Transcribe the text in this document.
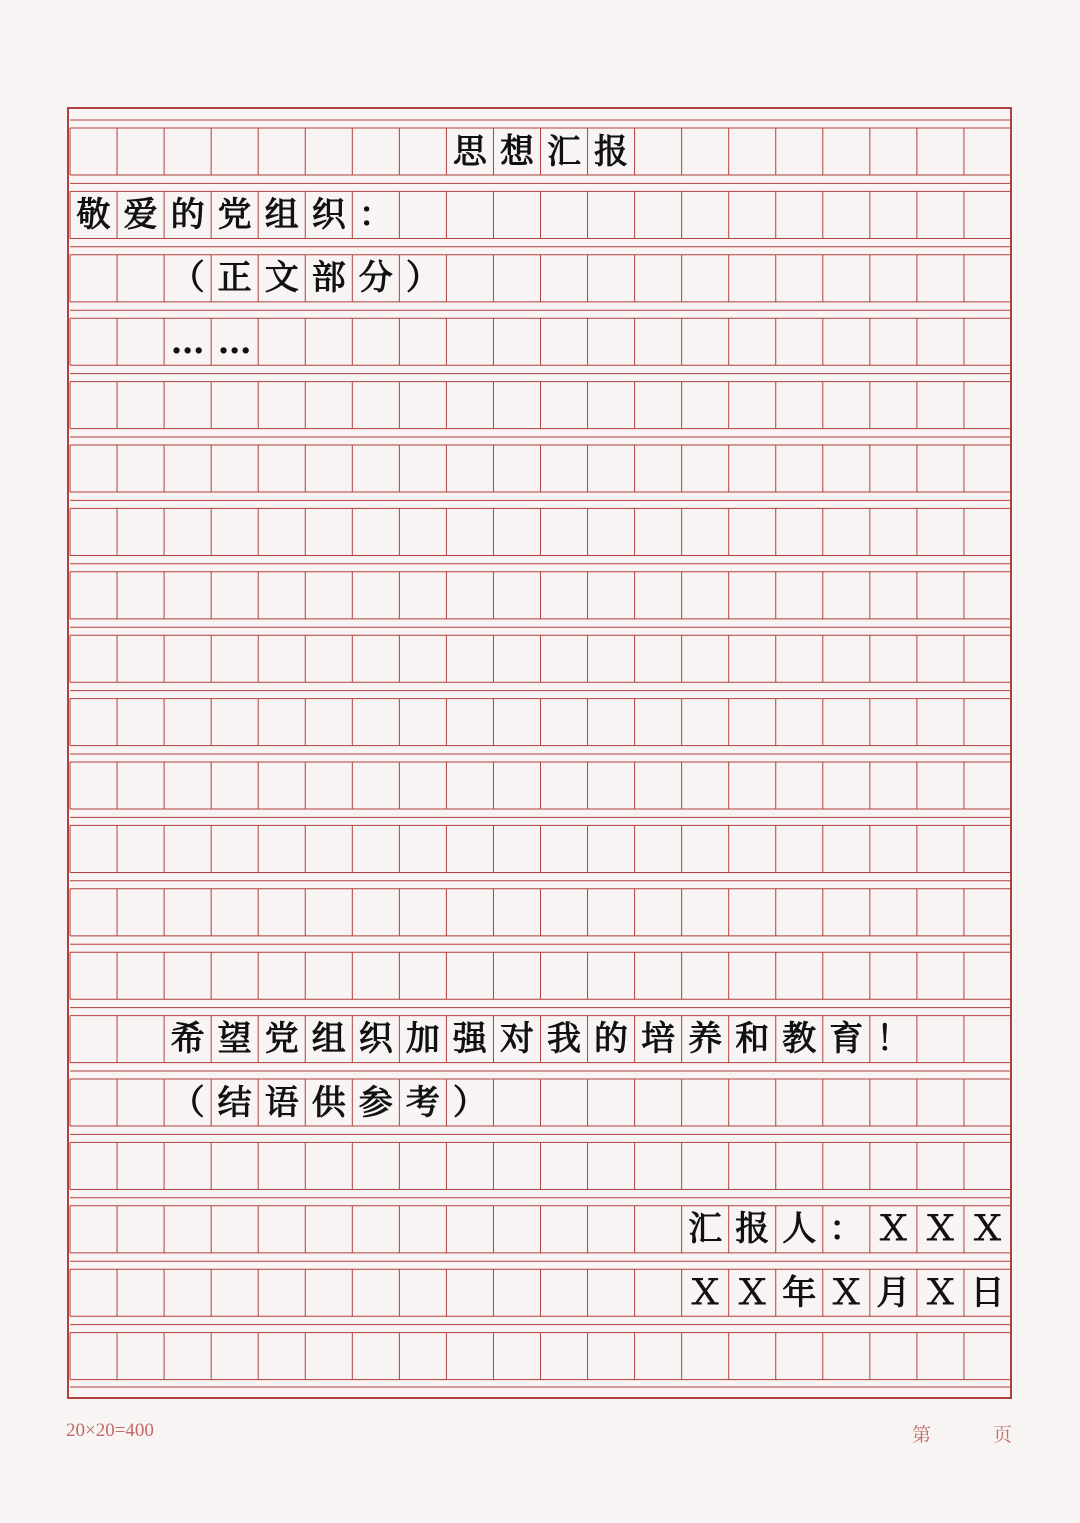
思 想 汇 报
敬 爱 的 党 组 织 ：
（ 正 文 部 分 ）
… …
希 望 党 组 织 加 强 对 我 的 培 养 和 教 育 ！
（ 结 语 供 参 考 ）
汇 报 人 ： Ｘ Ｘ Ｘ
Ｘ Ｘ 年 Ｘ 月 Ｘ 日
20×20=400	第	页
